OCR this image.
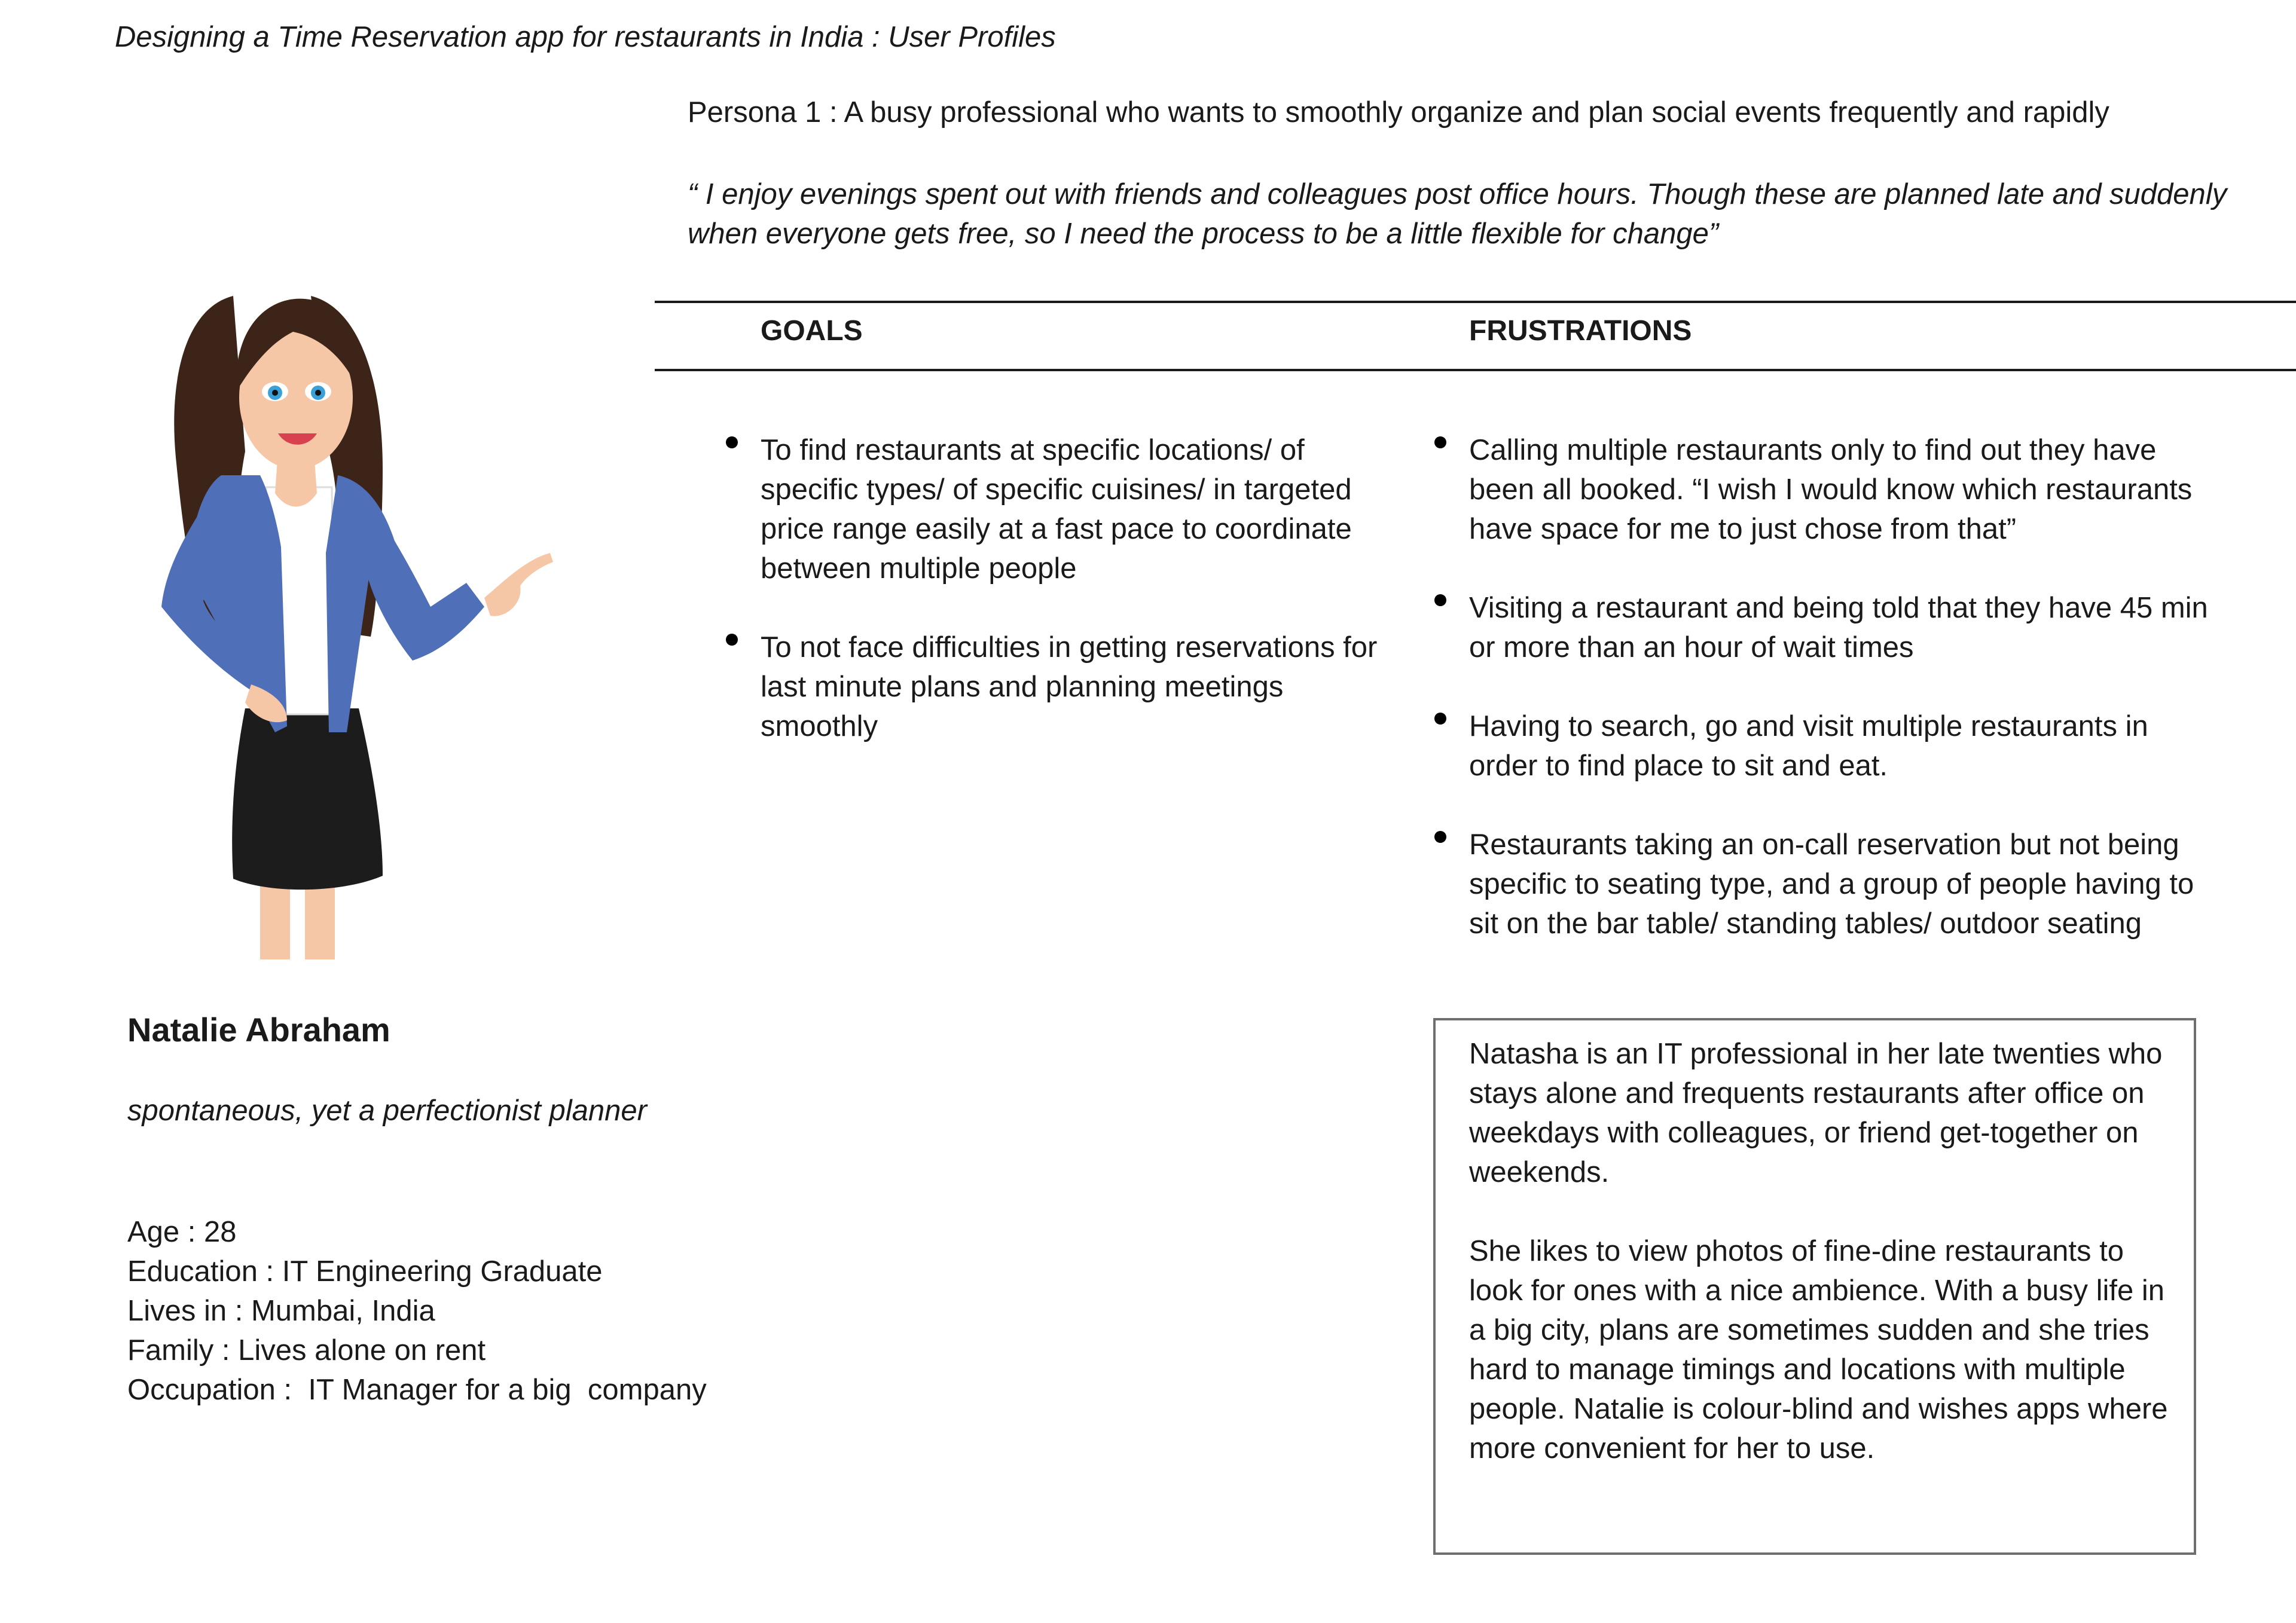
Designing a Time Reservation app for restaurants in India : User Profiles
Persona 1 : A busy professional who wants to smoothly organize and plan social events frequently and rapidly
“ I enjoy evenings spent out with friends and colleagues post office hours. Though these are planned late and suddenly when everyone gets free, so I need the process to be a little flexible for change”
GOALS	FRUSTRATIONS
To find restaurants at specific locations/ of specific types/ of specific cuisines/ in targeted price range easily at a fast pace to coordinate between multiple people
To not face difficulties in getting reservations for last minute plans and planning meetings smoothly
Calling multiple restaurants only to find out they have been all booked. “I wish I would know which restaurants have space for me to just chose from that”
Visiting a restaurant and being told that they have 45 min or more than an hour of wait times
Having to search, go and visit multiple restaurants in order to find place to sit and eat.
Restaurants taking an on-call reservation but not being specific to seating type, and a group of people having to sit on the bar table/ standing tables/ outdoor seating
Natalie Abraham
spontaneous, yet a perfectionist planner
Age : 28
Education : IT Engineering Graduate
Lives in : Mumbai, India
Family : Lives alone on rent
Occupation :  IT Manager for a big  company

Natasha is an IT professional in her late twenties who stays alone and frequents restaurants after office on weekdays with colleagues, or friend get-together on weekends.

She likes to view photos of fine-dine restaurants to look for ones with a nice ambience. With a busy life in a big city, plans are sometimes sudden and she tries hard to manage timings and locations with multiple people. Natalie is colour-blind and wishes apps where more convenient for her to use.
